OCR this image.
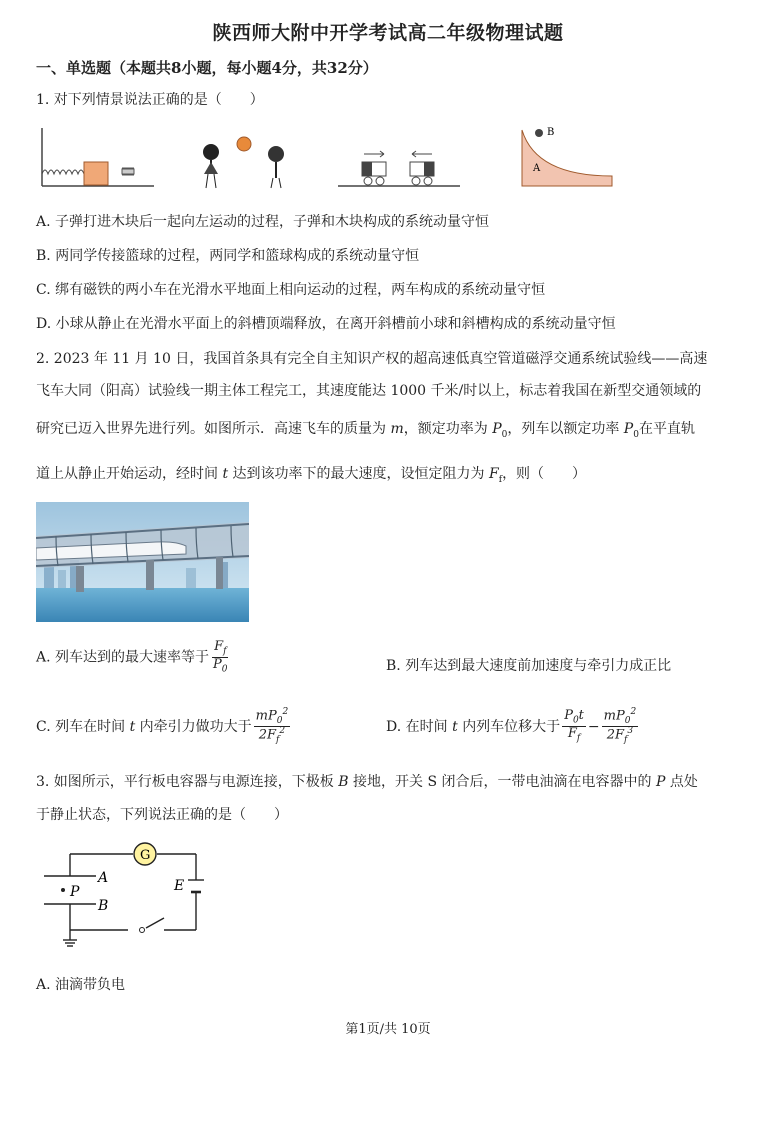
陕西师大附中开学考试高二年级物理试题
一、单选题（本题共8小题，每小题4分，共32分）
1. 对下列情景说法正确的是（　　）
B
A
A. 子弹打进木块后一起向左运动的过程，子弹和木块构成的系统动量守恒
B. 两同学传接篮球的过程，两同学和篮球构成的系统动量守恒
C. 绑有磁铁的两小车在光滑水平地面上相向运动的过程，两车构成的系统动量守恒
D. 小球从静止在光滑水平面上的斜槽顶端释放，在离开斜槽前小球和斜槽构成的系统动量守恒
2. 2023 年 11 月 10 日，我国首条具有完全自主知识产权的超高速低真空管道磁浮交通系统试验线——高速
飞车大同（阳高）试验线一期主体工程完工，其速度能达 1000 千米/时以上，标志着我国在新型交通领域的
研究已迈入世界先进行列。如图所示．高速飞车的质量为 m，额定功率为 $P_0$，列车以额定功率 $P_0$在平直轨
道上从静止开始运动，经时间 t 达到该功率下的最大速度，设恒定阻力为 $F_f$，则（　　）
A. 列车达到的最大速率等于 $\frac{F_f}{P_0}$	B. 列车达到最大速度前加速度与牵引力成正比
C. 列车在时间 t 内牵引力做功大于 $\frac{mP_0^2}{2F_f^2}$	D. 在时间 t 内列车位移大于 $\frac{P_0t}{F_f} - \frac{mP_0^2}{2F_f^3}$
3. 如图所示，平行板电容器与电源连接，下极板 B 接地，开关 S 闭合后，一带电油滴在电容器中的 P 点处
于静止状态，下列说法正确的是（　　）
G
A
P
B
E
A. 油滴带负电
第1页/共 10页
